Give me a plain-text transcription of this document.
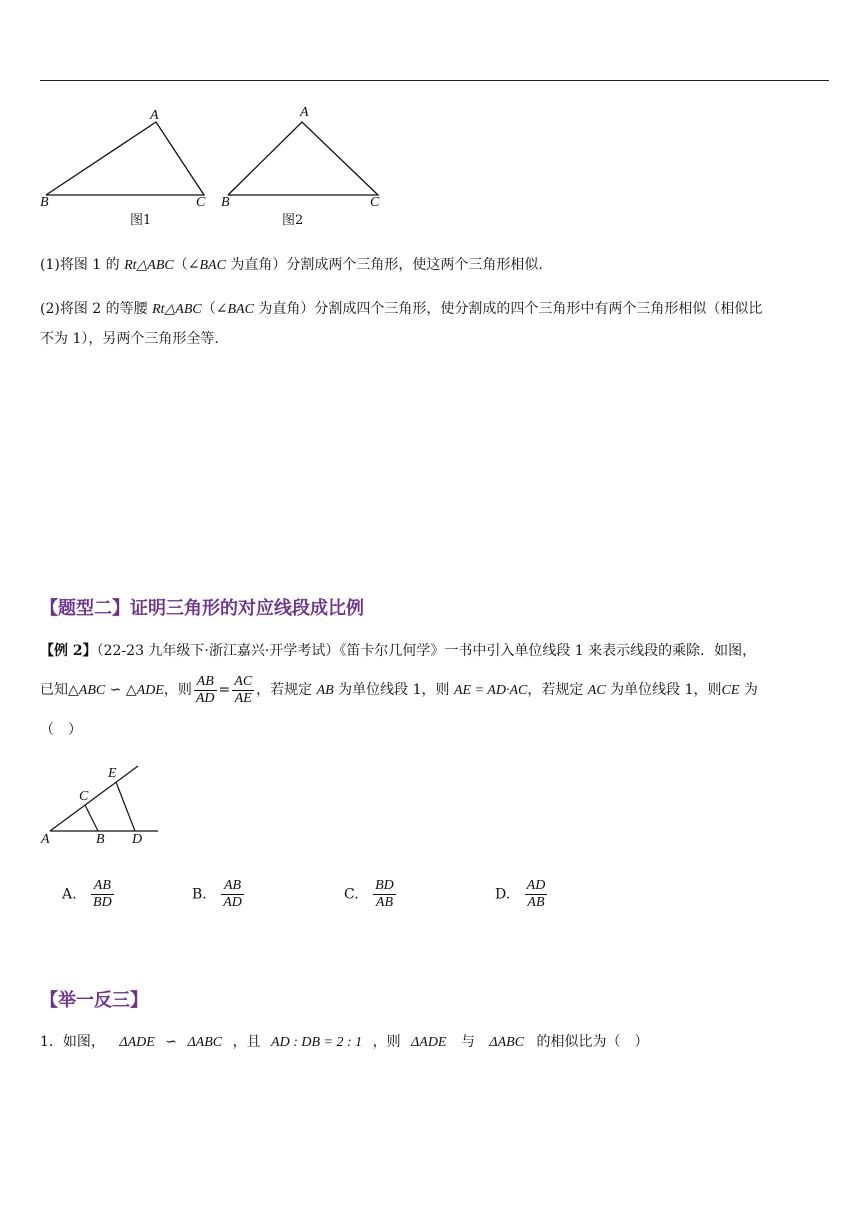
A
B	C
图1
A
B	C
图2
(1)将图 1 的 Rt△ABC（∠BAC 为直角）分割成两个三角形，使这两个三角形相似.
(2)将图 2 的等腰 Rt△ABC（∠BAC 为直角）分割成四个三角形，使分割成的四个三角形中有两个三角形相似（相似比
不为 1），另两个三角形全等.
【题型二】证明三角形的对应线段成比例
【例 2】（22-23 九年级下·浙江嘉兴·开学考试）《笛卡尔几何学》一书中引入单位线段 1 来表示线段的乘除．如图，
已知△ABC ∽ △ADE，则 $\frac{AB}{AD} = \frac{AC}{AE}$ ，若规定 AB 为单位线段 1，则 AE = AD·AC，若规定 AC 为单位线段 1，则CE 为
（　）
E
C
A	B D
A. $\frac{AB}{BD}$	B. $\frac{AB}{AD}$	C. $\frac{BD}{AB}$	D. $\frac{AD}{AB}$
【举一反三】
1．如图， ΔADE ∽ ΔABC ，且 AD : DB = 2 : 1 ，则 ΔADE 与 ΔABC 的相似比为（　）
